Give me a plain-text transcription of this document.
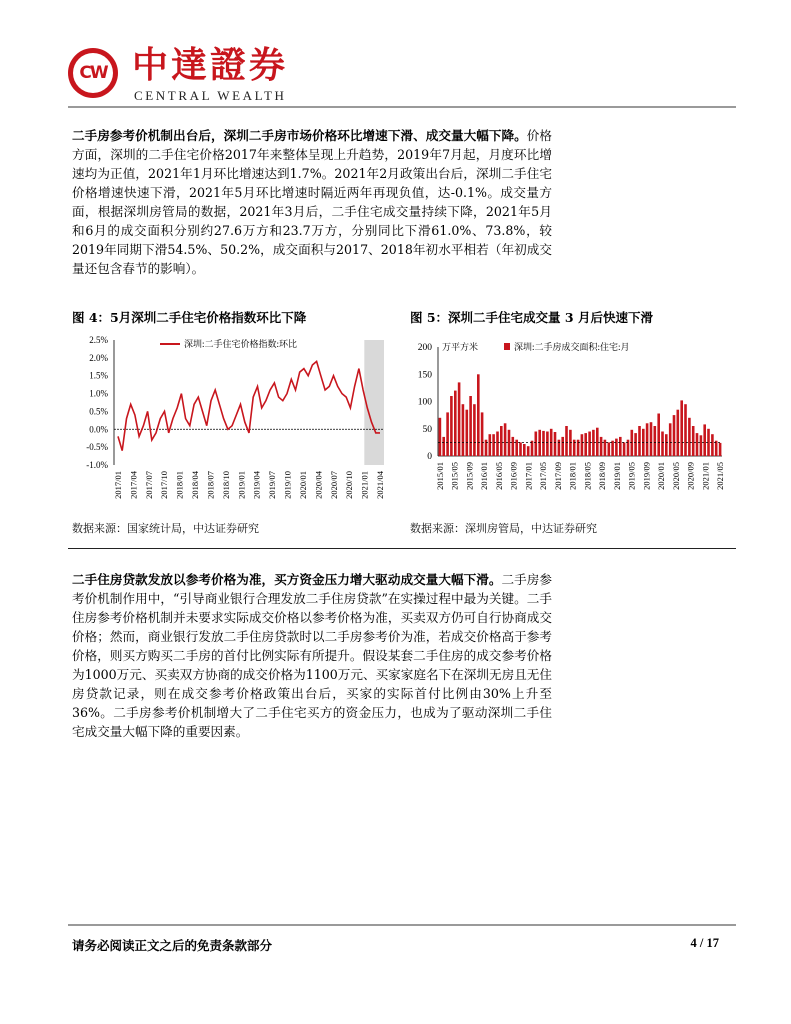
CW 中達證券
CENTRAL WEALTH
二手房参考价机制出台后，深圳二手房市场价格环比增速下滑、成交量大幅下降。价格方面，深圳的二手住宅价格2017年来整体呈现上升趋势，2019年7月起，月度环比增速均为正值，2021年1月环比增速达到1.7%。2021年2月政策出台后，深圳二手住宅价格增速快速下滑，2021年5月环比增速时隔近两年再现负值，达-0.1%。成交量方面，根据深圳房管局的数据，2021年3月后，二手住宅成交量持续下降，2021年5月和6月的成交面积分别约27.6万方和23.7万方，分别同比下滑61.0%、73.8%，较2019年同期下滑54.5%、50.2%，成交面积与2017、2018年初水平相若（年初成交量还包含春节的影响）。
图 4：5月深圳二手住宅价格指数环比下降	图 5：深圳二手住宅成交量 3 月后快速下滑
2.5%
2.0%
1.5%
1.0%
0.5%
0.0%
-0.5%
-1.0%
2017/01 2017/04 2017/07 2017/10 2018/01 2018/04 2018/07 2018/10 2019/01 2019/04 2019/07 2019/10 2020/01 2020/04 2020/07 2020/10 2021/01 2021/04
深圳:二手住宅价格指数:环比	200
150
100
50
0
2015/01 2015/05 2015/09 2016/01 2016/05 2016/09 2017/01 2017/05 2017/09 2018/01 2018/05 2018/09 2019/01 2019/05 2019/09 2020/01 2020/05 2020/09 2021/01 2021/05
万平方米	深圳:二手房成交面积:住宅:月
数据来源：国家统计局，中达证券研究	数据来源：深圳房管局，中达证券研究
二手住房贷款发放以参考价格为准，买方资金压力增大驱动成交量大幅下滑。二手房参考价机制作用中，“引导商业银行合理发放二手住房贷款”在实操过程中最为关键。二手住房参考价格机制并未要求实际成交价格以参考价格为准，买卖双方仍可自行协商成交价格；然而，商业银行发放二手住房贷款时以二手房参考价为准，若成交价格高于参考价格，则买方购买二手房的首付比例实际有所提升。假设某套二手住房的成交参考价格为1000万元、买卖双方协商的成交价格为1100万元、买家家庭名下在深圳无房且无住房贷款记录，则在成交参考价格政策出台后，买家的实际首付比例由30%上升至36%。二手房参考价机制增大了二手住宅买方的资金压力，也成为了驱动深圳二手住宅成交量大幅下降的重要因素。
请务必阅读正文之后的免责条款部分	4 / 17
